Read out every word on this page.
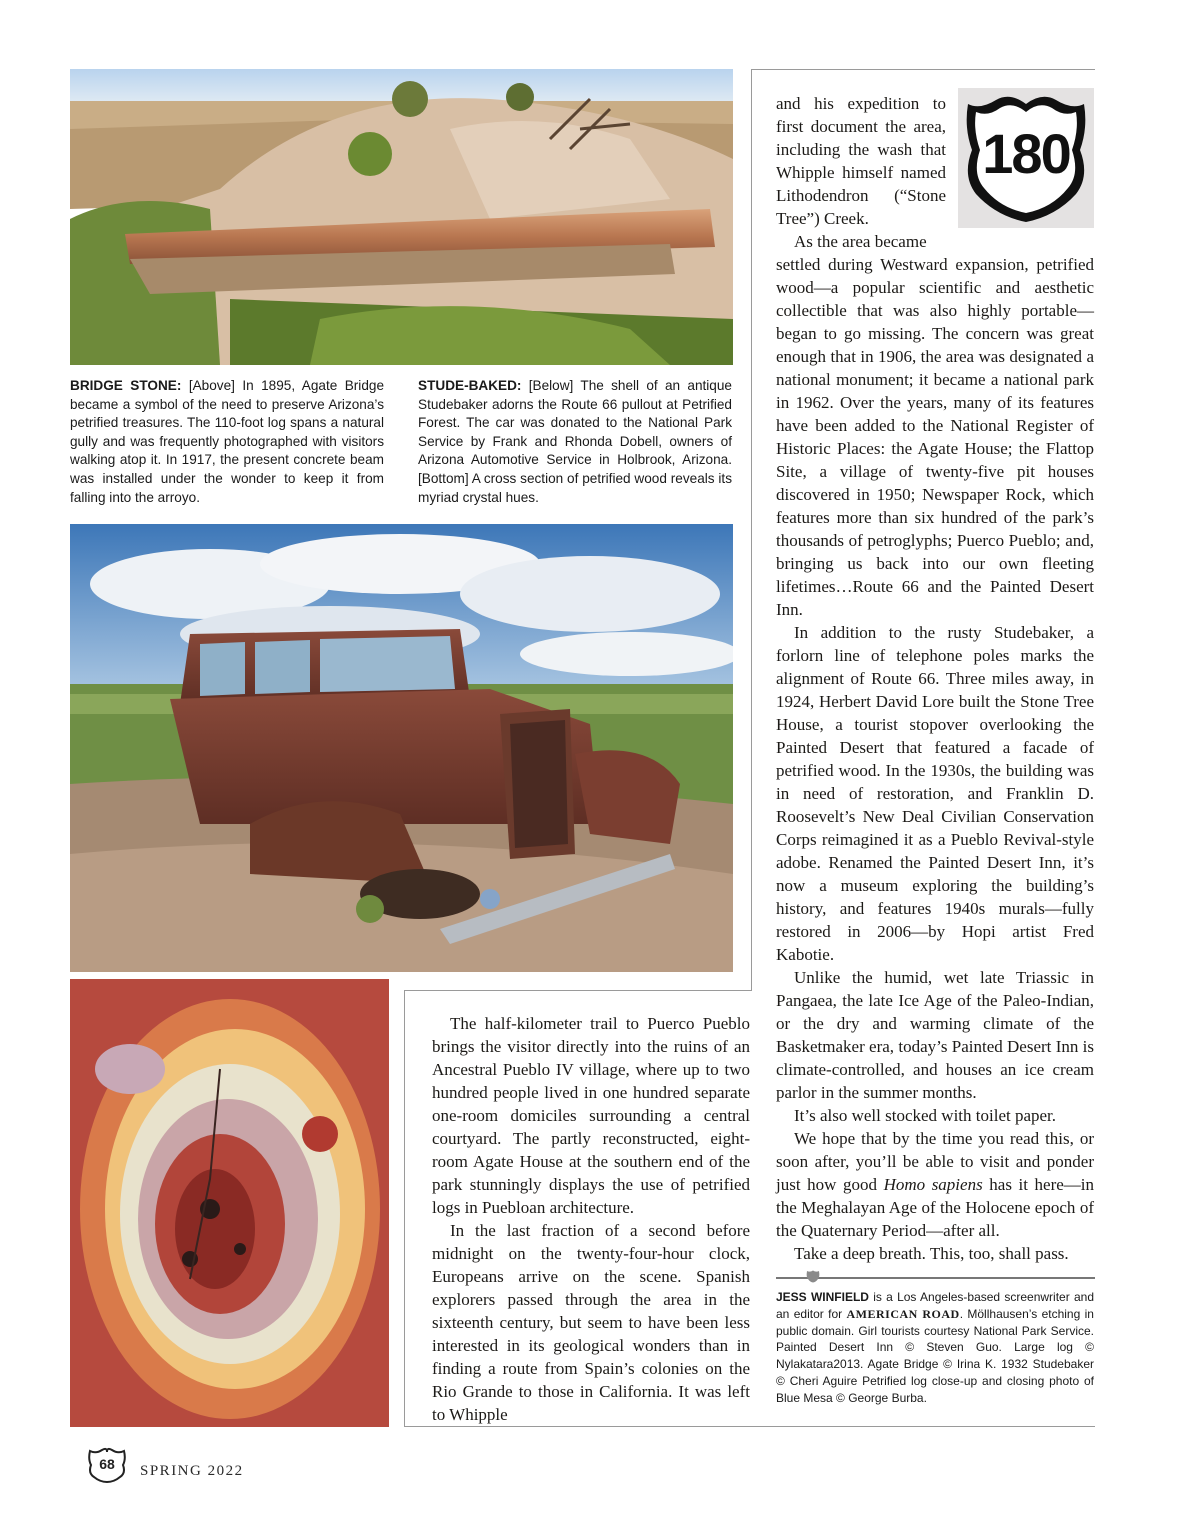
BRIDGE STONE: [Above] In 1895, Agate Bridge became a symbol of the need to preserve Arizona’s petrified treasures. The 110-foot log spans a natural gully and was frequently photographed with visitors walking atop it. In 1917, the present concrete beam was installed under the wonder to keep it from falling into the arroyo.
STUDE-BAKED: [Below] The shell of an antique Studebaker adorns the Route 66 pullout at Petrified Forest. The car was donated to the National Park Service by Frank and Rhonda Dobell, owners of Arizona Automotive Service in Holbrook, Arizona. [Bottom] A cross section of petrified wood reveals its myriad crystal hues.
180

and his expedition to first document the area, including the wash that Whipple himself named Lithodendron (“Stone Tree”) Creek.

As the area became

settled during Westward expansion, petrified wood—a popular scientific and aesthetic collectible that was also highly portable—began to go missing. The concern was great enough that in 1906, the area was designated a national monument; it became a national park in 1962. Over the years, many of its features have been added to the National Register of Historic Places: the Agate House; the Flattop Site, a village of twenty-five pit houses discovered in 1950; Newspaper Rock, which features more than six hundred of the park’s thousands of petroglyphs; Puerco Pueblo; and, bringing us back into our own fleeting lifetimes…Route 66 and the Painted Desert Inn.

In addition to the rusty Studebaker, a forlorn line of telephone poles marks the alignment of Route 66. Three miles away, in 1924, Herbert David Lore built the Stone Tree House, a tourist stopover overlooking the Painted Desert that featured a facade of petrified wood. In the 1930s, the building was in need of restoration, and Franklin D. Roosevelt’s New Deal Civilian Conservation Corps reimagined it as a Pueblo Revival-style adobe. Renamed the Painted Desert Inn, it’s now a museum exploring the building’s history, and features 1940s murals—fully restored in 2006—by Hopi artist Fred Kabotie.

Unlike the humid, wet late Triassic in Pangaea, the late Ice Age of the Paleo-Indian, or the dry and warming climate of the Basketmaker era, today’s Painted Desert Inn is climate-controlled, and houses an ice cream parlor in the summer months.

It’s also well stocked with toilet paper.

We hope that by the time you read this, or soon after, you’ll be able to visit and ponder just how good Homo sapiens has it here—in the Meghalayan Age of the Holocene epoch of the Quaternary Period—after all.

Take a deep breath. This, too, shall pass.

The half-kilometer trail to Puerco Pueblo brings the visitor directly into the ruins of an Ancestral Pueblo IV village, where up to two hundred people lived in one hundred separate one-room domiciles surrounding a central courtyard. The partly reconstructed, eight-room Agate House at the southern end of the park stunningly displays the use of petrified logs in Puebloan architecture.

In the last fraction of a second before midnight on the twenty-four-hour clock, Europeans arrive on the scene. Spanish explorers passed through the area in the sixteenth century, but seem to have been less interested in its geological wonders than in finding a route from Spain’s colonies on the Rio Grande to those in California. It was left to Whipple

JESS WINFIELD is a Los Angeles-based screenwriter and an editor for AMERICAN ROAD. Möllhausen’s etching in public domain. Girl tourists courtesy National Park Service. Painted Desert Inn © Steven Guo. Large log © Nylakatara2013. Agate Bridge © Irina K. 1932 Studebaker © Cheri Aguire Petrified log close-up and closing photo of Blue Mesa © George Burba.
68	SPRING 2022
